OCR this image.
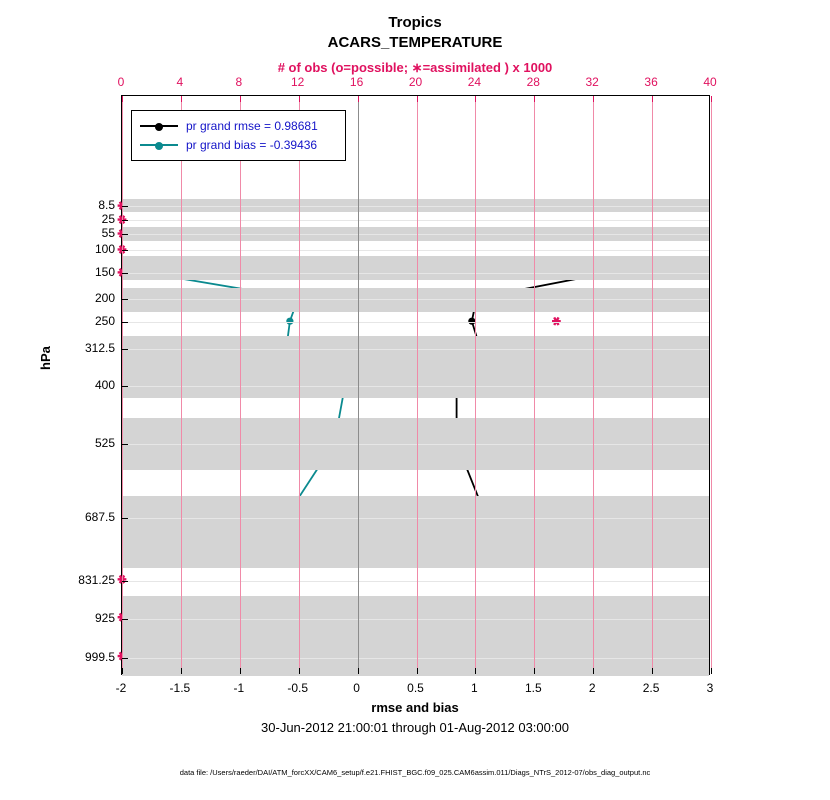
Tropics
ACARS_TEMPERATURE
# of obs (o=possible; ∗=assimilated ) x 1000
hPa
rmse and bias
30-Jun-2012 21:00:01 through 01-Aug-2012 03:00:00
data file: /Users/raeder/DAI/ATM_forcXX/CAM6_setup/f.e21.FHIST_BGC.f09_025.CAM6assim.011/Diags_NTrS_2012-07/obs_diag_output.nc
pr grand rmse = 0.98681
pr grand bias = -0.39436
-2	-1.5	-1	-0.5	0	0.5	1	1.5	2	2.5	3
0	4	8	12	16	20	24	28	32	36	40
8.5
25
55
100
150
200
250
312.5
400
525
687.5
831.25
925
999.5
